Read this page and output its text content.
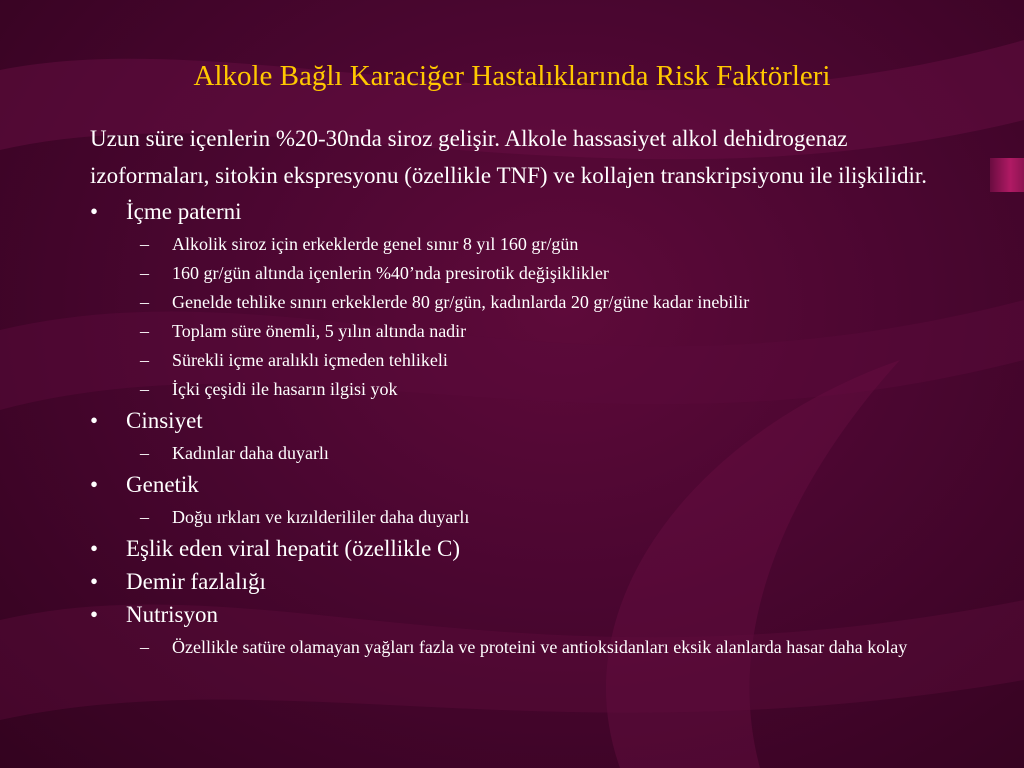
Alkole Bağlı Karaciğer Hastalıklarında Risk Faktörleri

Uzun süre içenlerin %20-30nda siroz gelişir. Alkole hassasiyet alkol dehidrogenaz izoformaları, sitokin ekspresyonu (özellikle TNF) ve kollajen transkripsiyonu ile ilişkilidir.

• İçme paterni
– Alkolik siroz için erkeklerde genel sınır 8 yıl 160 gr/gün
– 160 gr/gün altında içenlerin %40’nda presirotik değişiklikler
– Genelde tehlike sınırı erkeklerde 80 gr/gün, kadınlarda 20 gr/güne kadar inebilir
– Toplam süre önemli, 5 yılın altında nadir
– Sürekli içme aralıklı içmeden tehlikeli
– İçki çeşidi ile hasarın ilgisi yok
• Cinsiyet
– Kadınlar daha duyarlı
• Genetik
– Doğu ırkları ve kızılderililer daha duyarlı
• Eşlik eden viral hepatit (özellikle C)
• Demir fazlalığı
• Nutrisyon
– Özellikle satüre olamayan yağları fazla ve proteini ve antioksidanları eksik alanlarda hasar daha kolay
